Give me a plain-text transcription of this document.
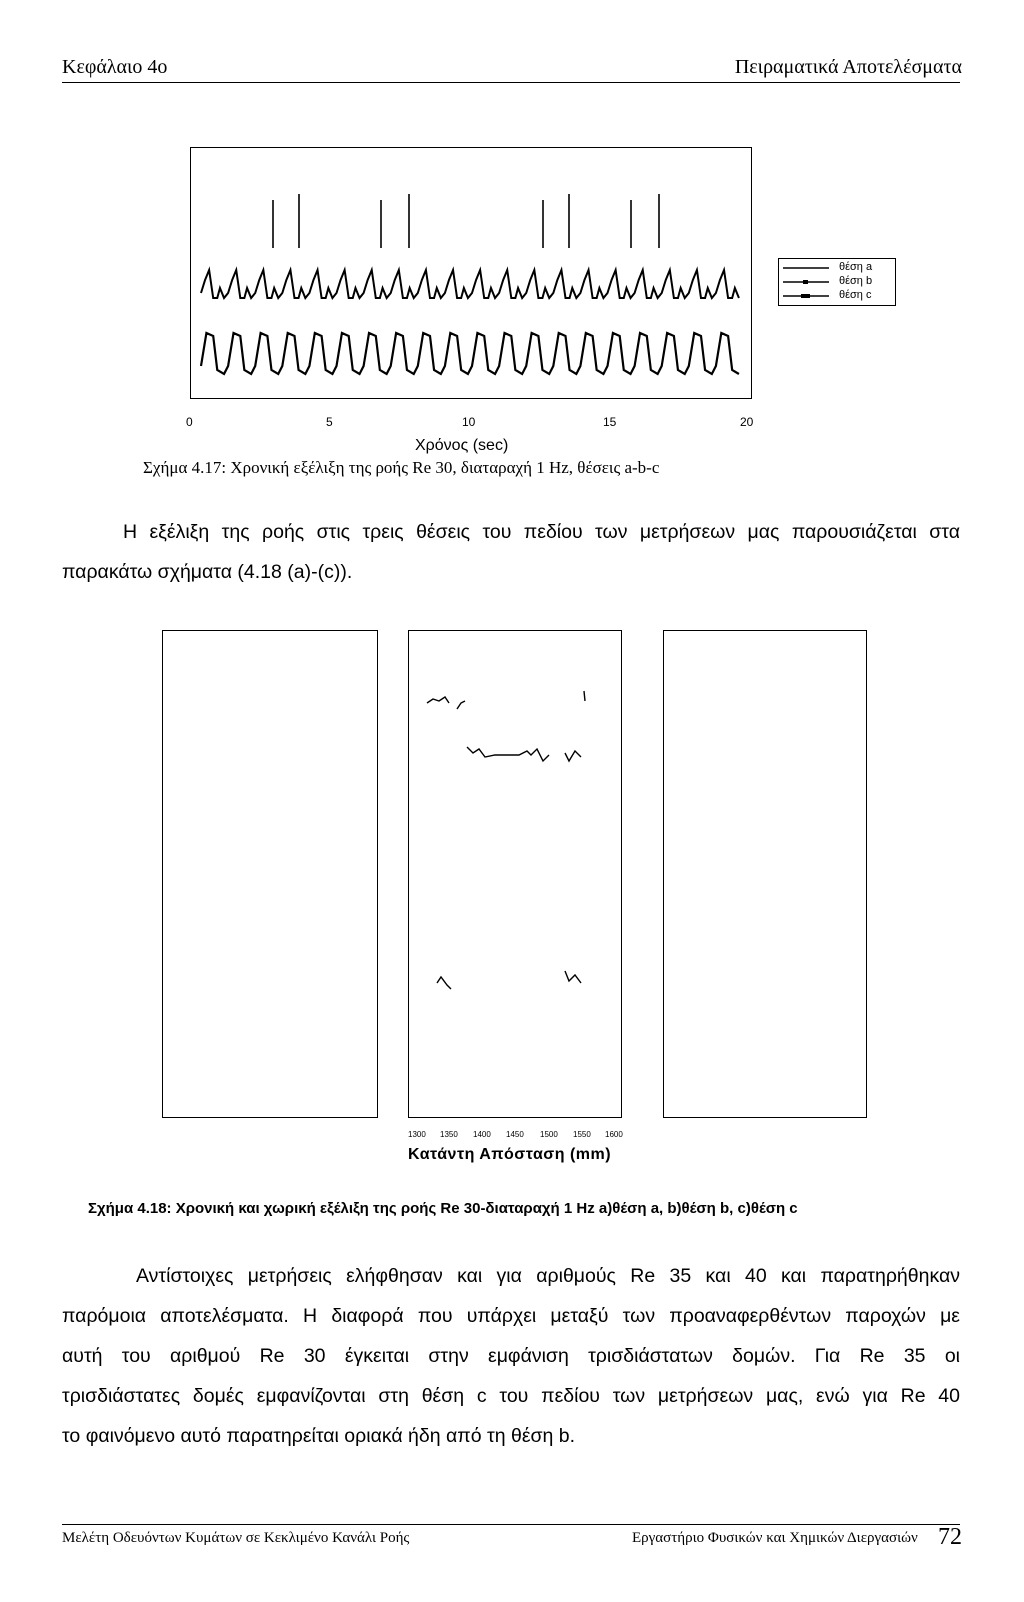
Κεφάλαιο 4ο	Πειραματικά Αποτελέσματα
θέση a
θέση b
θέση c
0	5	10	15	20
Χρόνος (sec)
Σχήμα 4.17: Χρονική εξέλιξη της ροής Re 30, διαταραχή 1 Hz, θέσεις a-b-c
Η εξέλιξη της ροής στις τρεις θέσεις του πεδίου των μετρήσεων μας παρουσιάζεται στα
παρακάτω σχήματα (4.18 (a)-(c)).
1300 1350 1400 1450 1500 1550 1600
Κατάντη Απόσταση (mm)
Σχήμα 4.18: Χρονική και χωρική εξέλιξη της ροής Re 30-διαταραχή 1 Hz a)θέση a, b)θέση b, c)θέση c
Αντίστοιχες μετρήσεις ελήφθησαν και για αριθμούς Re 35 και 40 και παρατηρήθηκαν
παρόμοια αποτελέσματα. Η διαφορά που υπάρχει μεταξύ των προαναφερθέντων παροχών με
αυτή του αριθμού Re 30 έγκειται στην εμφάνιση τρισδιάστατων δομών. Για Re 35 οι
τρισδιάστατες δομές εμφανίζονται στη θέση c του πεδίου των μετρήσεων μας, ενώ για Re 40
το φαινόμενο αυτό παρατηρείται οριακά ήδη από τη θέση b.
Μελέτη Οδευόντων Κυμάτων σε Κεκλιμένο Κανάλι Ροής	Εργαστήριο Φυσικών και Χημικών Διεργασιών 72
